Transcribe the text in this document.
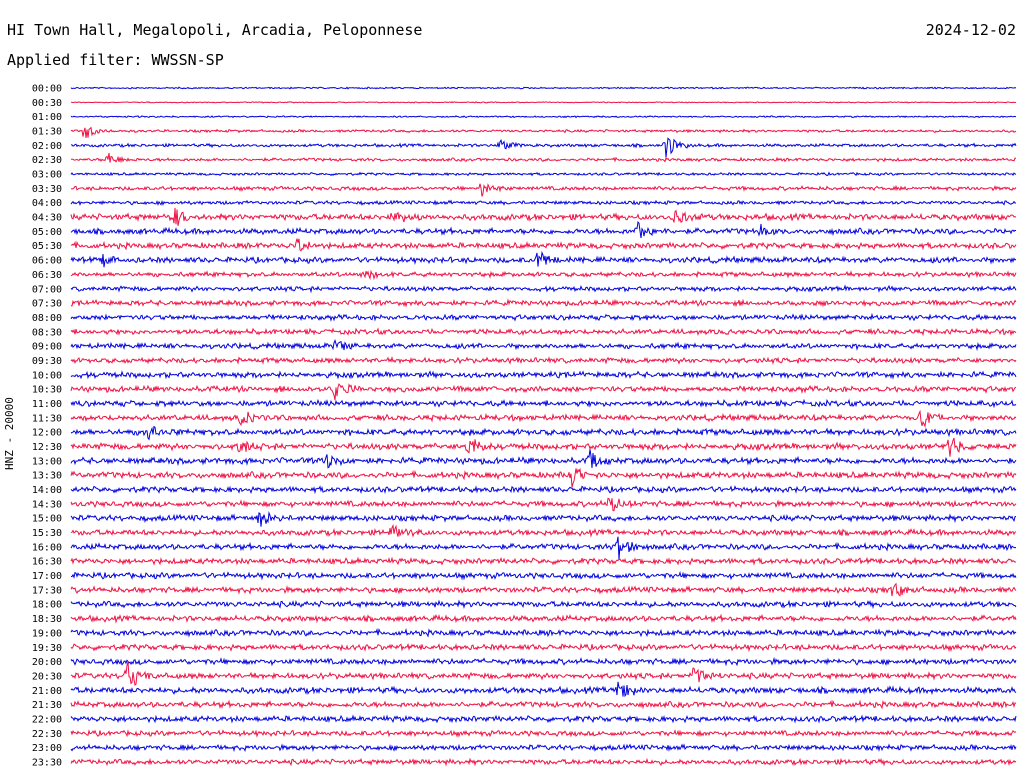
HI Town Hall, Megalopoli, Arcadia, Peloponnese	2024-12-02
Applied filter: WWSSN-SP
HNZ - 20000
00:00
00:30
01:00
01:30
02:00
02:30
03:00
03:30
04:00
04:30
05:00
05:30
06:00
06:30
07:00
07:30
08:00
08:30
09:00
09:30
10:00
10:30
11:00
11:30
12:00
12:30
13:00
13:30
14:00
14:30
15:00
15:30
16:00
16:30
17:00
17:30
18:00
18:30
19:00
19:30
20:00
20:30
21:00
21:30
22:00
22:30
23:00
23:30
